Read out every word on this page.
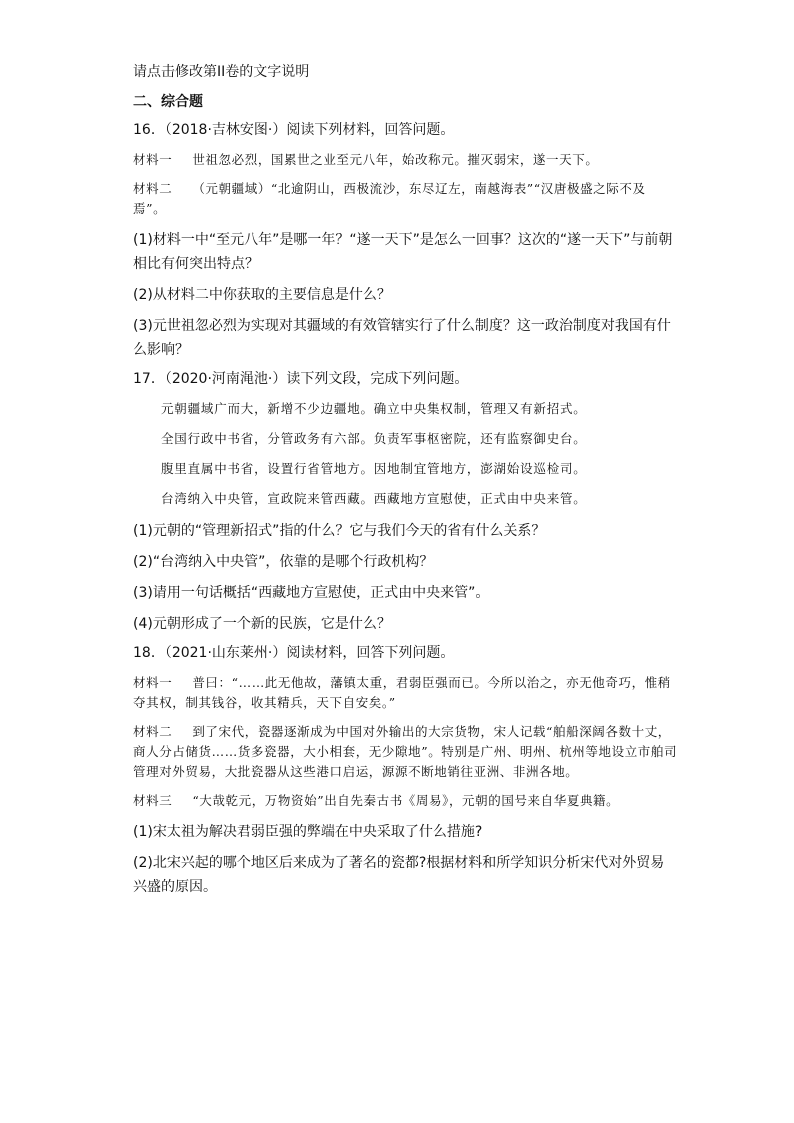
请点击修改第II卷的文字说明
二、综合题
16．（2018·吉林安图·）阅读下列材料，回答问题。
材料一 世祖忽必烈，国累世之业至元八年，始改称元。摧灭弱宋，遂一天下。
材料二 （元朝疆域）“北逾阴山，西极流沙，东尽辽左，南越海表”“汉唐极盛之际不及焉”。
(1)材料一中“至元八年”是哪一年？“遂一天下”是怎么一回事？这次的“遂一天下”与前朝相比有何突出特点？
(2)从材料二中你获取的主要信息是什么？
(3)元世祖忽必烈为实现对其疆域的有效管辖实行了什么制度？这一政治制度对我国有什么影响？
17．（2020·河南渑池·）读下列文段，完成下列问题。
元朝疆域广而大，新增不少边疆地。确立中央集权制，管理又有新招式。
全国行政中书省，分管政务有六部。负责军事枢密院，还有监察御史台。
腹里直属中书省，设置行省管地方。因地制宜管地方，澎湖始设巡检司。
台湾纳入中央管，宣政院来管西藏。西藏地方宣慰使，正式由中央来管。
(1)元朝的“管理新招式”指的什么？它与我们今天的省有什么关系？
(2)“台湾纳入中央管”，依靠的是哪个行政机构？
(3)请用一句话概括“西藏地方宣慰使，正式由中央来管”。
(4)元朝形成了一个新的民族，它是什么？
18．（2021·山东莱州·）阅读材料，回答下列问题。
材料一 普曰：“……此无他故，藩镇太重，君弱臣强而已。今所以治之，亦无他奇巧，惟稍夺其权，制其钱谷，收其精兵，天下自安矣。”
材料二 到了宋代，瓷器逐渐成为中国对外输出的大宗货物，宋人记载“舶船深阔各数十丈，商人分占储货……货多瓷器，大小相套，无少隙地”。特别是广州、明州、杭州等地设立市舶司管理对外贸易，大批瓷器从这些港口启运，源源不断地销往亚洲、非洲各地。
材料三 “大哉乾元，万物资始”出自先秦古书《周易》，元朝的国号来自华夏典籍。
(1)宋太祖为解决君弱臣强的弊端在中央采取了什么措施?
(2)北宋兴起的哪个地区后来成为了著名的瓷都?根据材料和所学知识分析宋代对外贸易兴盛的原因。
